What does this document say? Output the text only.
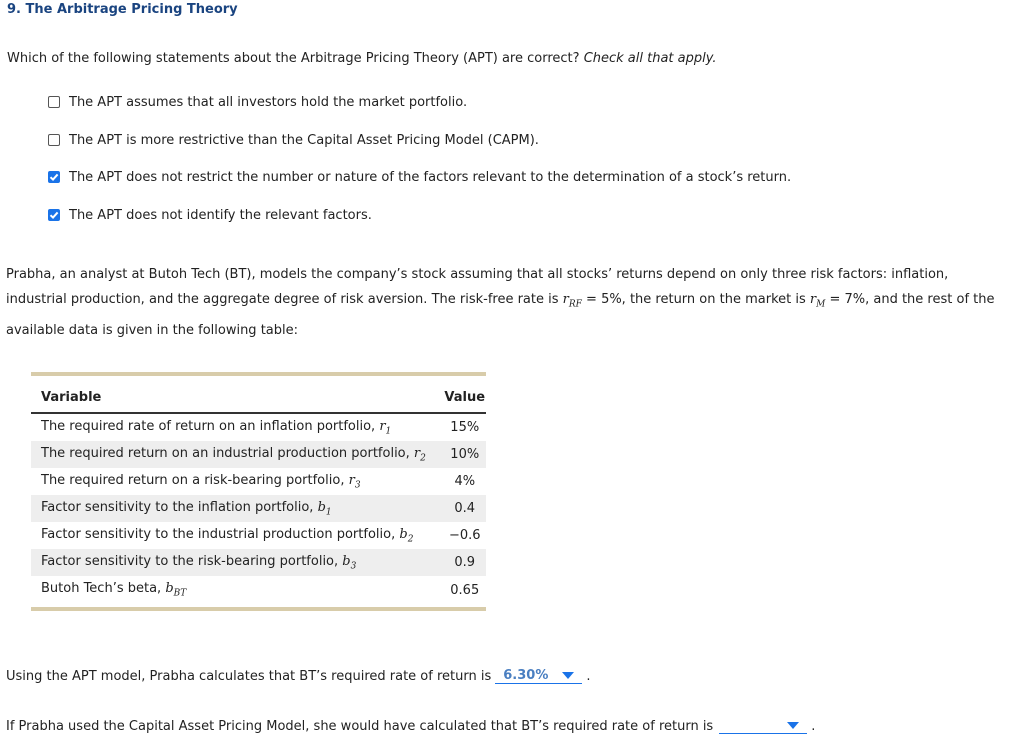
9. The Arbitrage Pricing Theory
Which of the following statements about the Arbitrage Pricing Theory (APT) are correct? Check all that apply.
The APT assumes that all investors hold the market portfolio.
The APT is more restrictive than the Capital Asset Pricing Model (CAPM).
The APT does not restrict the number or nature of the factors relevant to the determination of a stock’s return.
The APT does not identify the relevant factors.
Prabha, an analyst at Butoh Tech (BT), models the company’s stock assuming that all stocks’ returns depend on only three risk factors: inflation, industrial production, and the aggregate degree of risk aversion. The risk-free rate is $r_{RF} = 5\%$, the return on the market is $r_M = 7\%$, and the rest of the available data is given in the following table:
Variable	Value
The required rate of return on an inflation portfolio, $r_1$	15%
The required return on an industrial production portfolio, $r_2$	10%
The required return on a risk-bearing portfolio, $r_3$	4%
Factor sensitivity to the inflation portfolio, $b_1$	0.4
Factor sensitivity to the industrial production portfolio, $b_2$	−0.6
Factor sensitivity to the risk-bearing portfolio, $b_3$	0.9
Butoh Tech’s beta, $b_{BT}$	0.65
Using the APT model, Prabha calculates that BT’s required rate of return is 6.30%	.
If Prabha used the Capital Asset Pricing Model, she would have calculated that BT’s required rate of return is	.
